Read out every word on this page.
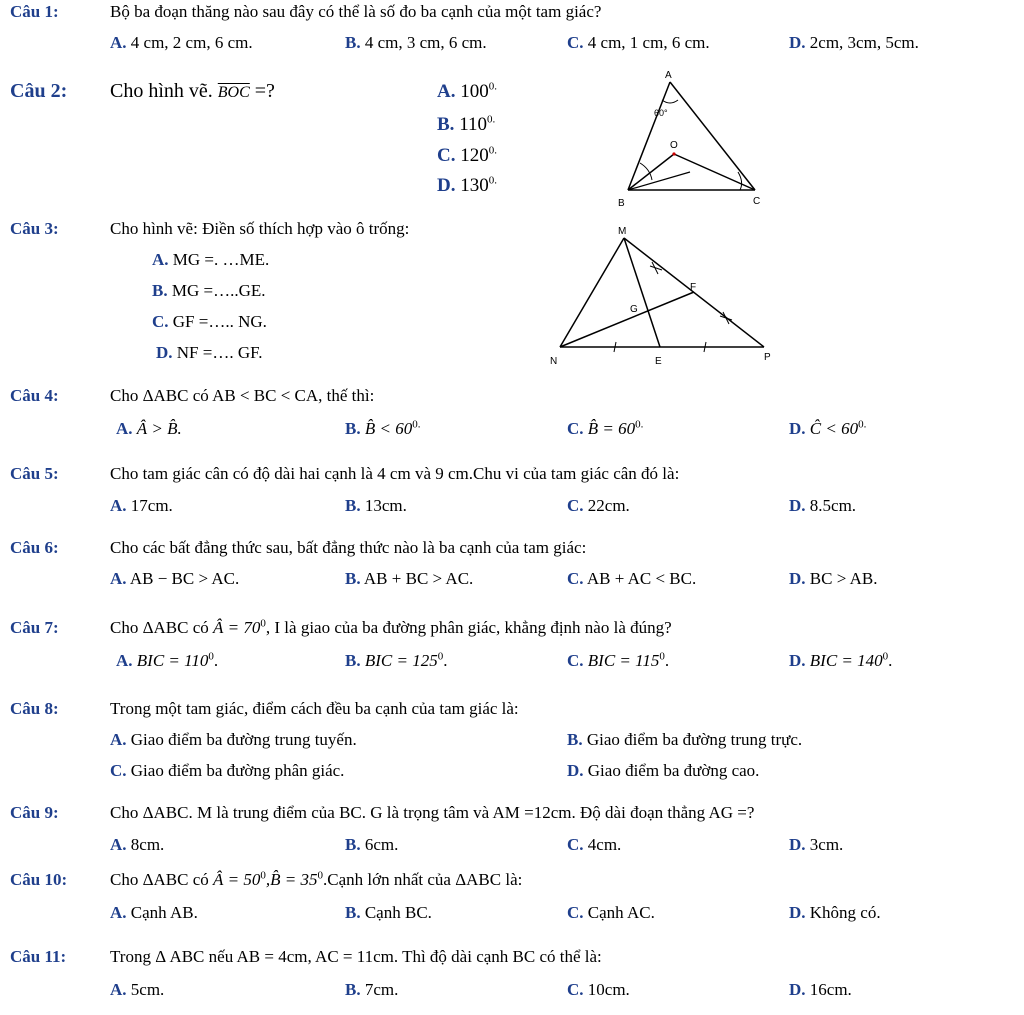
Câu 1:	Bộ ba đoạn thăng nào sau đây có thể là số đo ba cạnh của một tam giác?
A. 4 cm, 2 cm, 6 cm.	B. 4 cm, 3 cm, 6 cm.	C. 4 cm, 1 cm, 6 cm.	D. 2cm, 3cm, 5cm.
Câu 2: Cho hình vẽ. $\overline{BOC}$ =?	A. $100^{0.}$
B. $110^{0.}$
C. $120^{0.}$
D. $130^{0.}$
A
B	C
O
60°
Câu 3:	Cho hình vẽ: Điền số thích hợp vào ô trống:
A. MG =. …ME.
B. MG =…..GE.
C. GF =….. NG.
D. NF =…. GF.
M
F
G
N	E	P
Câu 4:	Cho ΔABC có AB < BC < CA, thế thì:
A. Â > B̂.	B. B̂ < $60^{0.}$	C. B̂ = $60^{0.}$	D. Ĉ < $60^{0.}$
Câu 5:	Cho tam giác cân có độ dài hai cạnh là 4 cm và 9 cm.Chu vi của tam giác cân đó là:
A. 17cm.	B. 13cm.	C. 22cm.	D. 8.5cm.
Câu 6:	Cho các bất đẳng thức sau, bất đẳng thức nào là ba cạnh của tam giác:
A. AB − BC > AC.	B. AB + BC > AC.	C. AB + AC < BC.	D. BC > AB.
Câu 7:	Cho ΔABC có Â = $70^0$, I là giao của ba đường phân giác, khẳng định nào là đúng?
A. BIC = $110^0$.	B. BIC = $125^0$.	C. BIC = $115^0$.	D. BIC = $140^0$.
Câu 8:	Trong một tam giác, điểm cách đều ba cạnh của tam giác là:
A. Giao điểm ba đường trung tuyến.	B. Giao điểm ba đường trung trực.
C. Giao điểm ba đường phân giác.	D. Giao điểm ba đường cao.
Câu 9:	Cho ΔABC. M là trung điểm của BC. G là trọng tâm và AM =12cm. Độ dài đoạn thẳng AG =?
A. 8cm.	B. 6cm.	C. 4cm.	D. 3cm.
Câu 10:	Cho ΔABC có Â = $50^0,B̂$ = $35^0.Cạnh$ lớn nhất của ΔABC là:
A. Cạnh AB.	B. Cạnh BC.	C. Cạnh AC.	D. Không có.
Câu 11:	Trong Δ ABC nếu AB = 4cm, AC = 11cm. Thì độ dài cạnh BC có thể là:
A. 5cm.	B. 7cm.	C. 10cm.	D. 16cm.
